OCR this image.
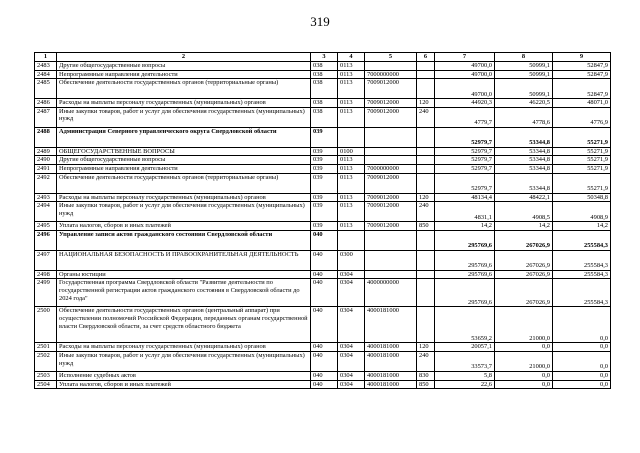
319
1	2	3	4	5	6	7	8	9
2483	Другие общегосударственные вопросы	038	0113			49700,0	50999,1	52847,9
2484	Непрограммные направления деятельности	038	0113	7000000000		49700,0	50999,1	52847,9
2485	Обеспечение деятельности государственных органов (территориальные органы)	038	0113	7009012000		49700,0	50999,1	52847,9
2486	Расходы на выплаты персоналу государственных (муниципальных) органов	038	0113	7009012000	120	44920,3	46220,5	48071,0
2487	Иные закупки товаров, работ и услуг для обеспечения государственных (муниципальных) нужд	038	0113	7009012000	240	4779,7	4778,6	4776,9
2488	Администрация Северного управленческого округа Свердловской области	039				52979,7	53344,8	55271,9
2489	ОБЩЕГОСУДАРСТВЕННЫЕ ВОПРОСЫ	039	0100			52979,7	53344,8	55271,9
2490	Другие общегосударственные вопросы	039	0113			52979,7	53344,8	55271,9
2491	Непрограммные направления деятельности	039	0113	7000000000		52979,7	53344,8	55271,9
2492	Обеспечение деятельности государственных органов (территориальные органы)	039	0113	7009012000		52979,7	53344,8	55271,9
2493	Расходы на выплаты персоналу государственных (муниципальных) органов	039	0113	7009012000	120	48134,4	48422,1	50348,8
2494	Иные закупки товаров, работ и услуг для обеспечения государственных (муниципальных) нужд	039	0113	7009012000	240	4831,1	4908,5	4908,9
2495	Уплата налогов, сборов и иных платежей	039	0113	7009012000	850	14,2	14,2	14,2
2496	Управление записи актов гражданского состояния Свердловской области	040				295769,6	267026,9	255584,3
2497	НАЦИОНАЛЬНАЯ БЕЗОПАСНОСТЬ И ПРАВООХРАНИТЕЛЬНАЯ ДЕЯТЕЛЬНОСТЬ	040	0300			295769,6	267026,9	255584,3
2498	Органы юстиции	040	0304			295769,6	267026,9	255584,3
2499	Государственная программа Свердловской области "Развитие деятельности по государственной регистрации актов гражданского состояния в Свердловской области до 2024 года"	040	0304	4000000000		295769,6	267026,9	255584,3
2500	Обеспечение деятельности государственных органов (центральный аппарат) при осуществлении полномочий Российской Федерации, переданных органам государственной власти Свердловской области, за счет средств областного бюджета	040	0304	4000181000		53659,2	21000,0	0,0
2501	Расходы на выплаты персоналу государственных (муниципальных) органов	040	0304	4000181000	120	20057,1	0,0	0,0
2502	Иные закупки товаров, работ и услуг для обеспечения государственных (муниципальных) нужд	040	0304	4000181000	240	33573,7	21000,0	0,0
2503	Исполнение судебных актов	040	0304	4000181000	830	5,8	0,0	0,0
2504	Уплата налогов, сборов и иных платежей	040	0304	4000181000	850	22,6	0,0	0,0
